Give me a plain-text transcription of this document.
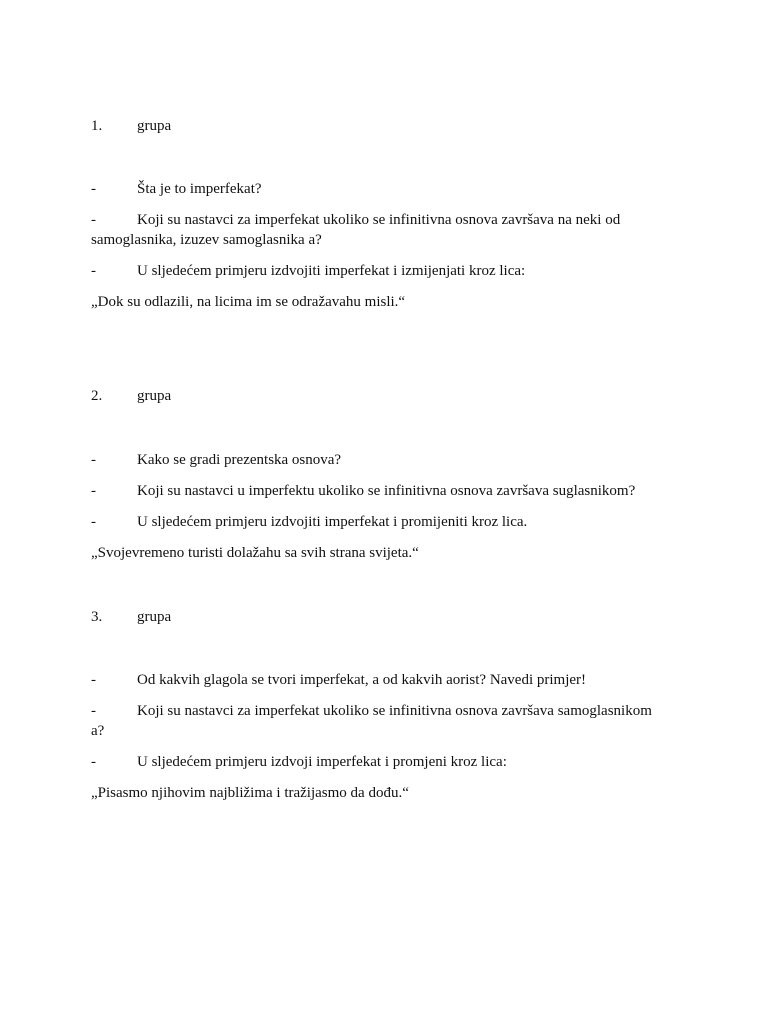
1. grupa
-	Šta je to imperfekat?
-	Koji su nastavci za imperfekat ukoliko se infinitivna osnova završava na neki od
samoglasnika, izuzev samoglasnika a?
-	U sljedećem primjeru izdvojiti imperfekat i izmijenjati kroz lica:
„Dok su odlazili, na licima im se odražavahu misli.“
2. grupa
-	Kako se gradi prezentska osnova?
-	Koji su nastavci u imperfektu ukoliko se infinitivna osnova završava suglasnikom?
-	U sljedećem primjeru izdvojiti imperfekat i promijeniti kroz lica.
„Svojevremeno turisti dolažahu sa svih strana svijeta.“
3. grupa
-	Od kakvih glagola se tvori imperfekat, a od kakvih aorist? Navedi primjer!
-	Koji su nastavci za imperfekat ukoliko se infinitivna osnova završava samoglasnikom
a?
-	U sljedećem primjeru izdvoji imperfekat i promjeni kroz lica:
„Pisasmo njihovim najbližima i tražijasmo da dođu.“
